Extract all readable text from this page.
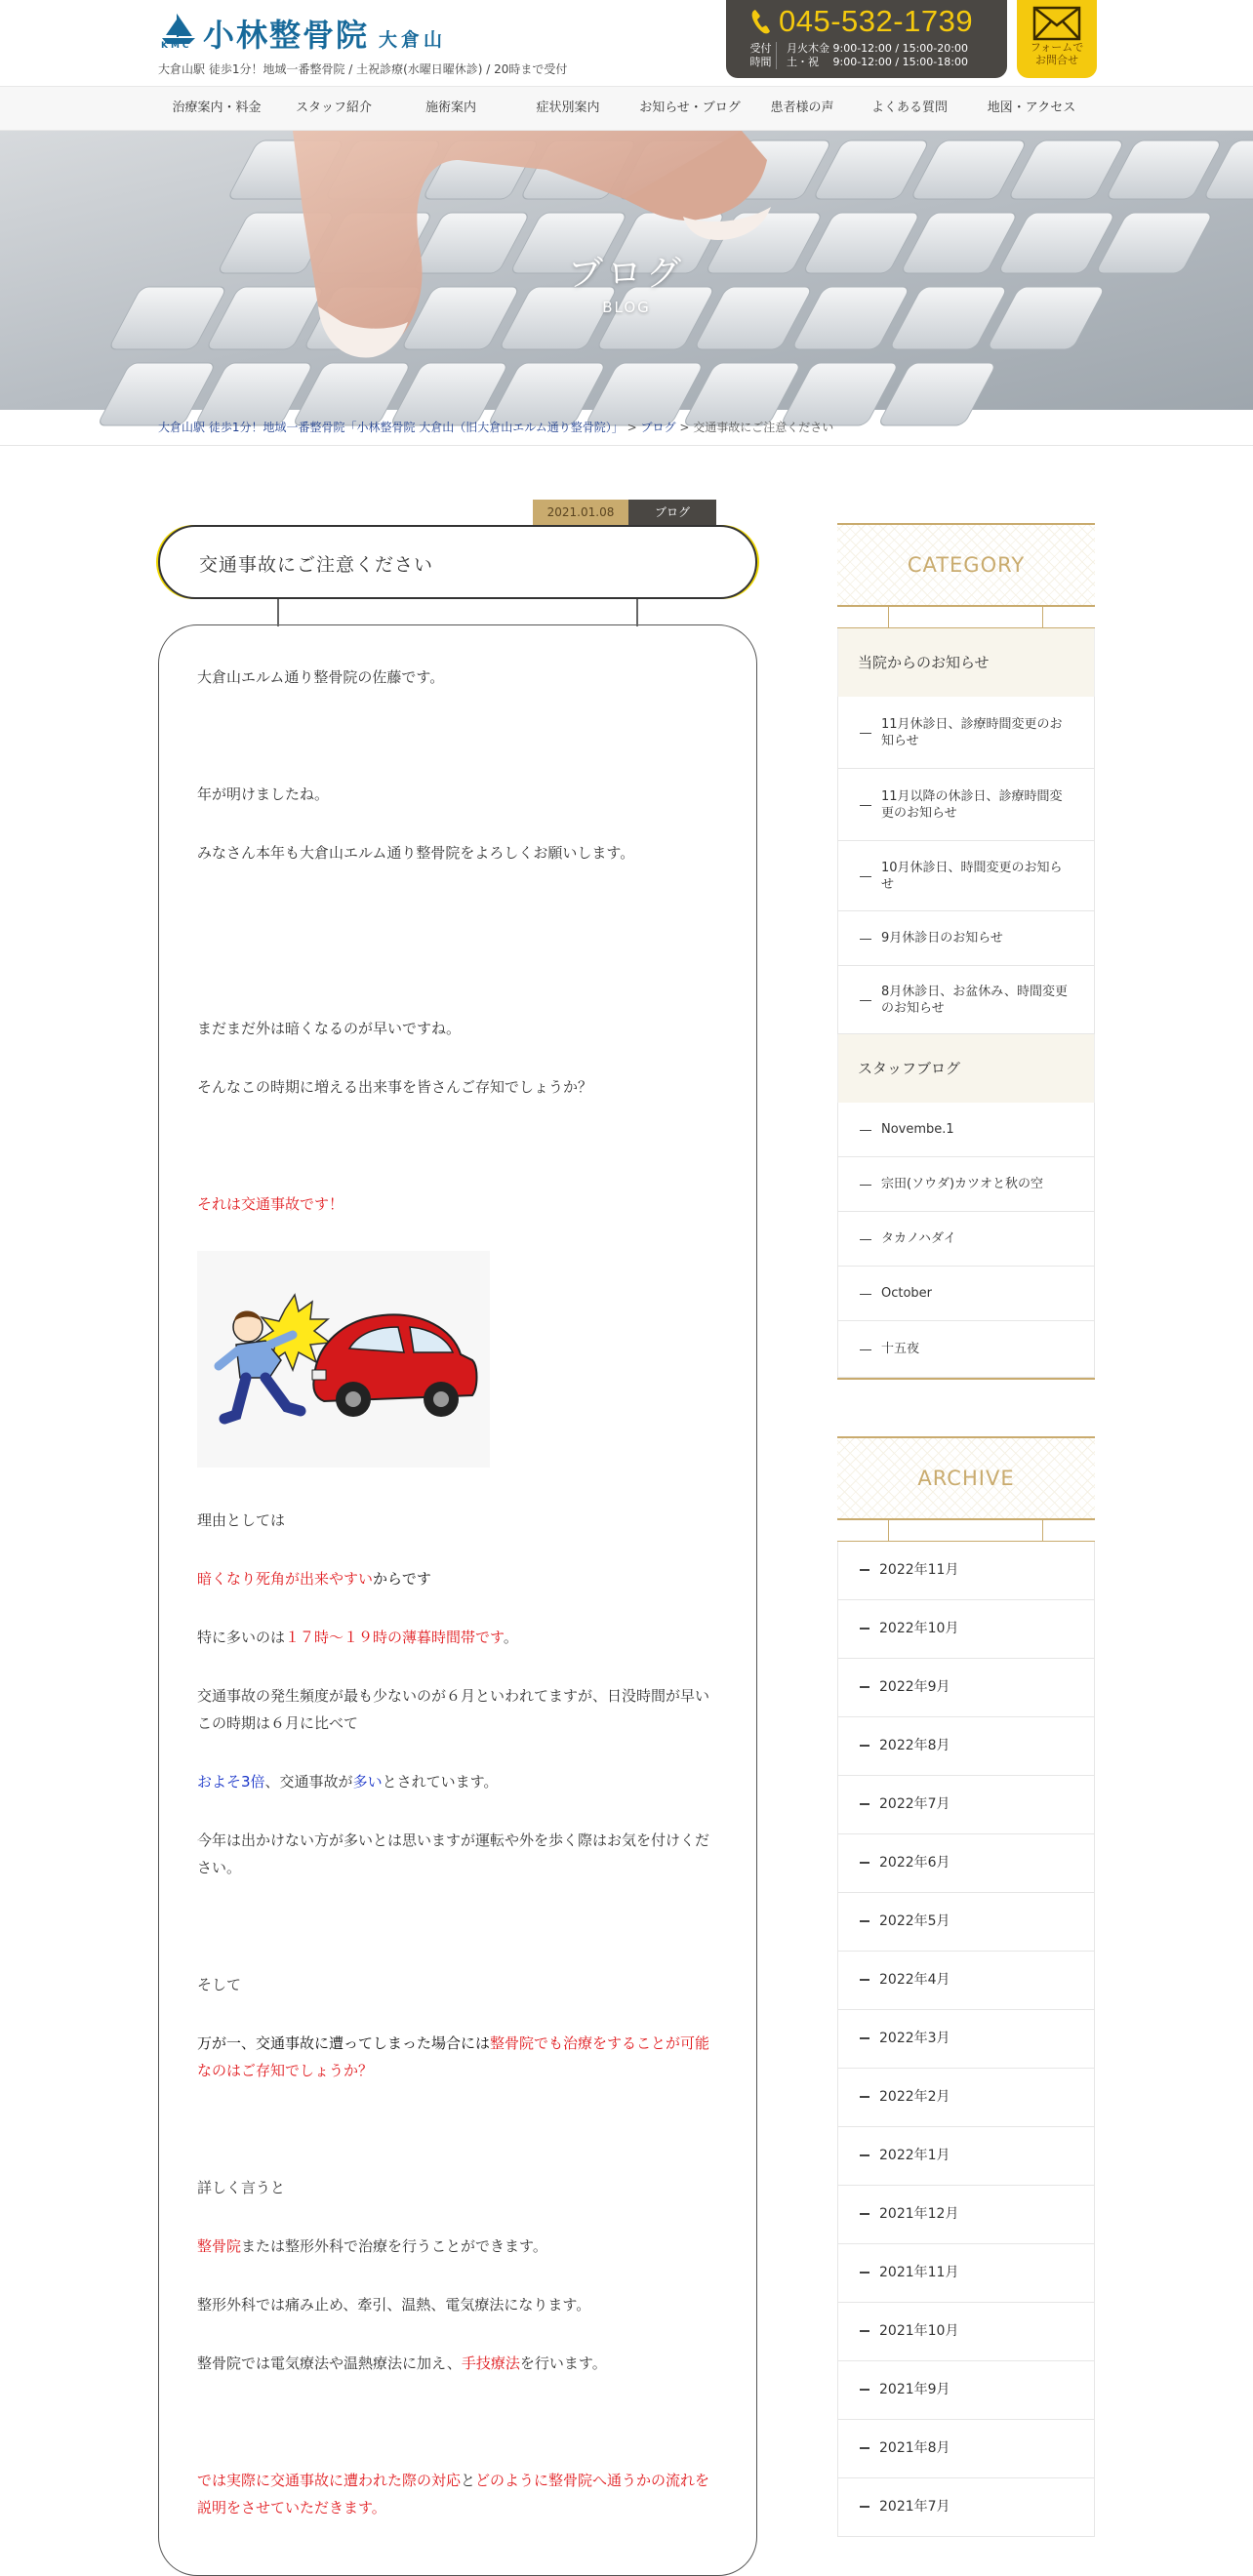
小林整骨院 大倉山
KMC
大倉山駅 徒歩1分！地域一番整骨院 / 土祝診療(水曜日曜休診) / 20時まで受付
045-532-1739
受付
時間
月火木金 9:00-12:00 / 15:00-20:00
土・祝　 9:00-12:00 / 15:00-18:00
フォームで
お問合せ
治療案内・料金	スタッフ紹介	施術案内	症状別案内	お知らせ・ブログ	患者様の声	よくある質問	地図・アクセス
ブログ
BLOG
大倉山駅 徒歩1分！地域一番整骨院「小林整骨院 大倉山（旧大倉山エルム通り整骨院）」 > ブログ > 交通事故にご注意ください
2021.01.08	ブログ
交通事故にご注意ください

大倉山エルム通り整骨院の佐藤です。

年が明けましたね。

みなさん本年も大倉山エルム通り整骨院をよろしくお願いします。

まだまだ外は暗くなるのが早いですね。

そんなこの時期に増える出来事を皆さんご存知でしょうか？

それは交通事故です！

理由としては

暗くなり死角が出来やすいからです

特に多いのは１７時～１９時の薄暮時間帯です。

交通事故の発生頻度が最も少ないのが６月といわれてますが、日没時間が早いこの時期は６月に比べて

およそ3倍、交通事故が多いとされています。

今年は出かけない方が多いとは思いますが運転や外を歩く際はお気を付けください。

そして

万が一、交通事故に遭ってしまった場合には整骨院でも治療をすることが可能なのはご存知でしょうか？

詳しく言うと

整骨院または整形外科で治療を行うことができます。

整形外科では痛み止め、牽引、温熱、電気療法になります。

整骨院では電気療法や温熱療法に加え、手技療法を行います。

では実際に交通事故に遭われた際の対応とどのように整骨院へ通うかの流れを説明をさせていただきます。

CATEGORY
当院からのお知らせ
11月休診日、診療時間変更のお知らせ
11月以降の休診日、診療時間変更のお知らせ
10月休診日、時間変更のお知らせ
9月休診日のお知らせ
8月休診日、お盆休み、時間変更のお知らせ
スタッフブログ
Novembe.1
宗田(ソウダ)カツオと秋の空
タカノハダイ
October
十五夜
ARCHIVE
2022年11月
2022年10月
2022年9月
2022年8月
2022年7月
2022年6月
2022年5月
2022年4月
2022年3月
2022年2月
2022年1月
2021年12月
2021年11月
2021年10月
2021年9月
2021年8月
2021年7月
